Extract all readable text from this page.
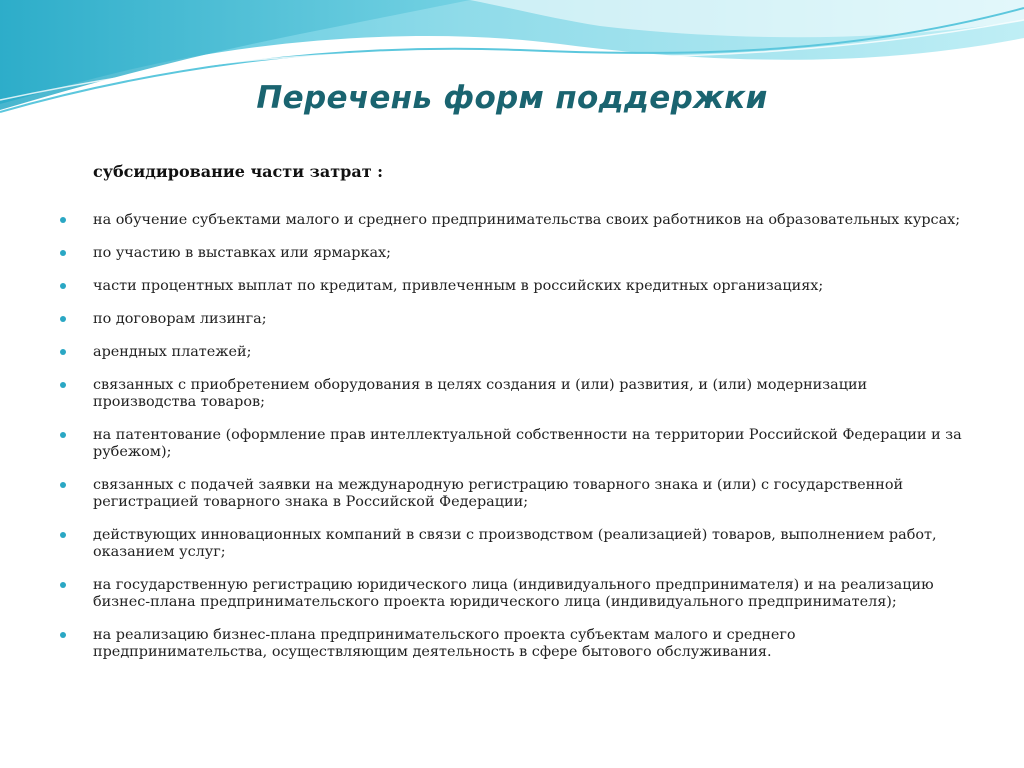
Перечень форм поддержки
субсидирование части затрат :
на обучение субъектами малого и среднего предпринимательства своих работников на образовательных курсах;
по участию в выставках или ярмарках;
части процентных выплат по кредитам, привлеченным в российских кредитных организациях;
по договорам лизинга;
арендных платежей;
связанных с приобретением оборудования в целях создания и (или) развития, и (или) модернизации производства товаров;
на патентование (оформление прав интеллектуальной собственности на территории Российской Федерации и за рубежом);
связанных с подачей заявки на международную регистрацию товарного знака и (или) с государственной регистрацией товарного знака в Российской Федерации;
действующих инновационных компаний в связи с производством (реализацией) товаров, выполнением работ, оказанием услуг;
на государственную регистрацию юридического лица (индивидуального предпринимателя) и на реализацию бизнес-плана предпринимательского проекта юридического лица (индивидуального предпринимателя);
на реализацию бизнес-плана предпринимательского проекта субъектам малого и среднего предпринимательства, осуществляющим деятельность в сфере бытового обслуживания.
